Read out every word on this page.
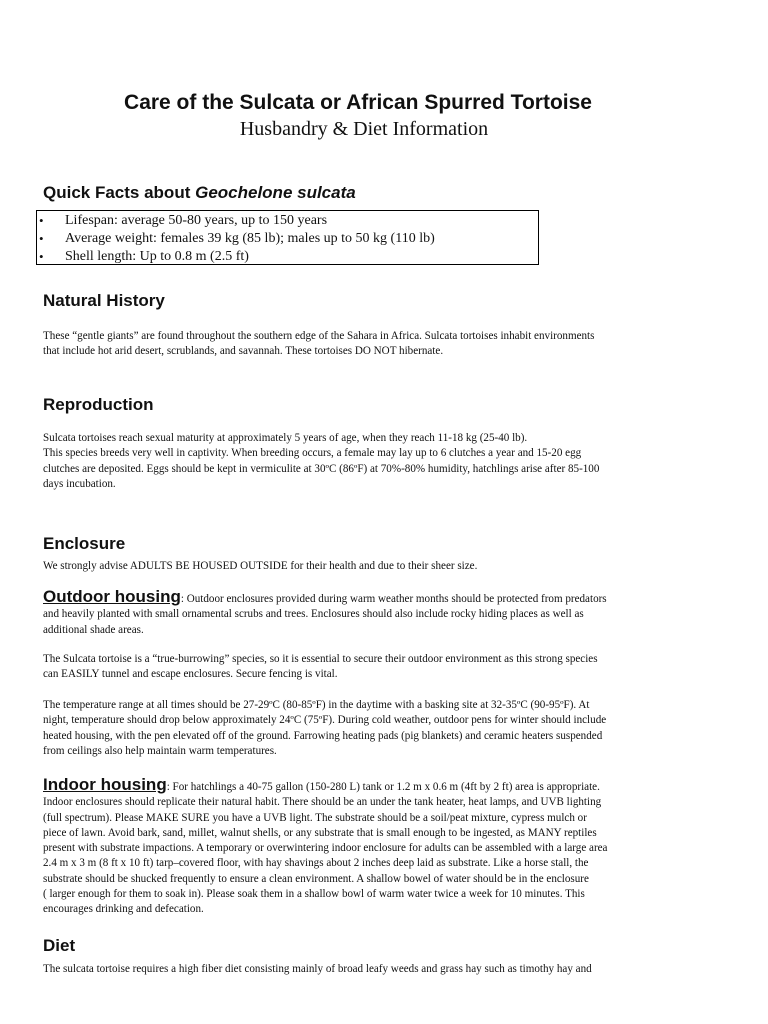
Care of the Sulcata or African Spurred Tortoise
Husbandry & Diet Information
Quick Facts about Geochelone sulcata
• Lifespan: average 50-80 years, up to 150 years
• Average weight: females 39 kg (85 lb); males up to 50 kg (110 lb)
• Shell length: Up to 0.8 m (2.5 ft)
Natural History

These “gentle giants” are found throughout the southern edge of the Sahara in Africa. Sulcata tortoises inhabit environments
that include hot arid desert, scrublands, and savannah. These tortoises DO NOT hibernate.

Reproduction

Sulcata tortoises reach sexual maturity at approximately 5 years of age, when they reach 11-18 kg (25-40 lb).
This species breeds very well in captivity. When breeding occurs, a female may lay up to 6 clutches a year and 15-20 egg
clutches are deposited. Eggs should be kept in vermiculite at 30ºC (86ºF) at 70%-80% humidity, hatchlings arise after 85-100
days incubation.

Enclosure

We strongly advise ADULTS BE HOUSED OUTSIDE for their health and due to their sheer size.

Outdoor housing: Outdoor enclosures provided during warm weather months should be protected from predators
and heavily planted with small ornamental scrubs and trees. Enclosures should also include rocky hiding places as well as
additional shade areas.

The Sulcata tortoise is a “true-burrowing” species, so it is essential to secure their outdoor environment as this strong species
can EASILY tunnel and escape enclosures. Secure fencing is vital.

The temperature range at all times should be 27-29ºC (80-85ºF) in the daytime with a basking site at 32-35ºC (90-95ºF). At
night, temperature should drop below approximately 24ºC (75ºF). During cold weather, outdoor pens for winter should include
heated housing, with the pen elevated off of the ground. Farrowing heating pads (pig blankets) and ceramic heaters suspended
from ceilings also help maintain warm temperatures.

Indoor housing: For hatchlings a 40-75 gallon (150-280 L) tank or 1.2 m x 0.6 m (4ft by 2 ft) area is appropriate.
Indoor enclosures should replicate their natural habit. There should be an under the tank heater, heat lamps, and UVB lighting
(full spectrum). Please MAKE SURE you have a UVB light. The substrate should be a soil/peat mixture, cypress mulch or
piece of lawn. Avoid bark, sand, millet, walnut shells, or any substrate that is small enough to be ingested, as MANY reptiles
present with substrate impactions. A temporary or overwintering indoor enclosure for adults can be assembled with a large area
2.4 m x 3 m (8 ft x 10 ft) tarp–covered floor, with hay shavings about 2 inches deep laid as substrate. Like a horse stall, the
substrate should be shucked frequently to ensure a clean environment. A shallow bowel of water should be in the enclosure
( larger enough for them to soak in). Please soak them in a shallow bowl of warm water twice a week for 10 minutes. This
encourages drinking and defecation.

Diet

The sulcata tortoise requires a high fiber diet consisting mainly of broad leafy weeds and grass hay such as timothy hay and
